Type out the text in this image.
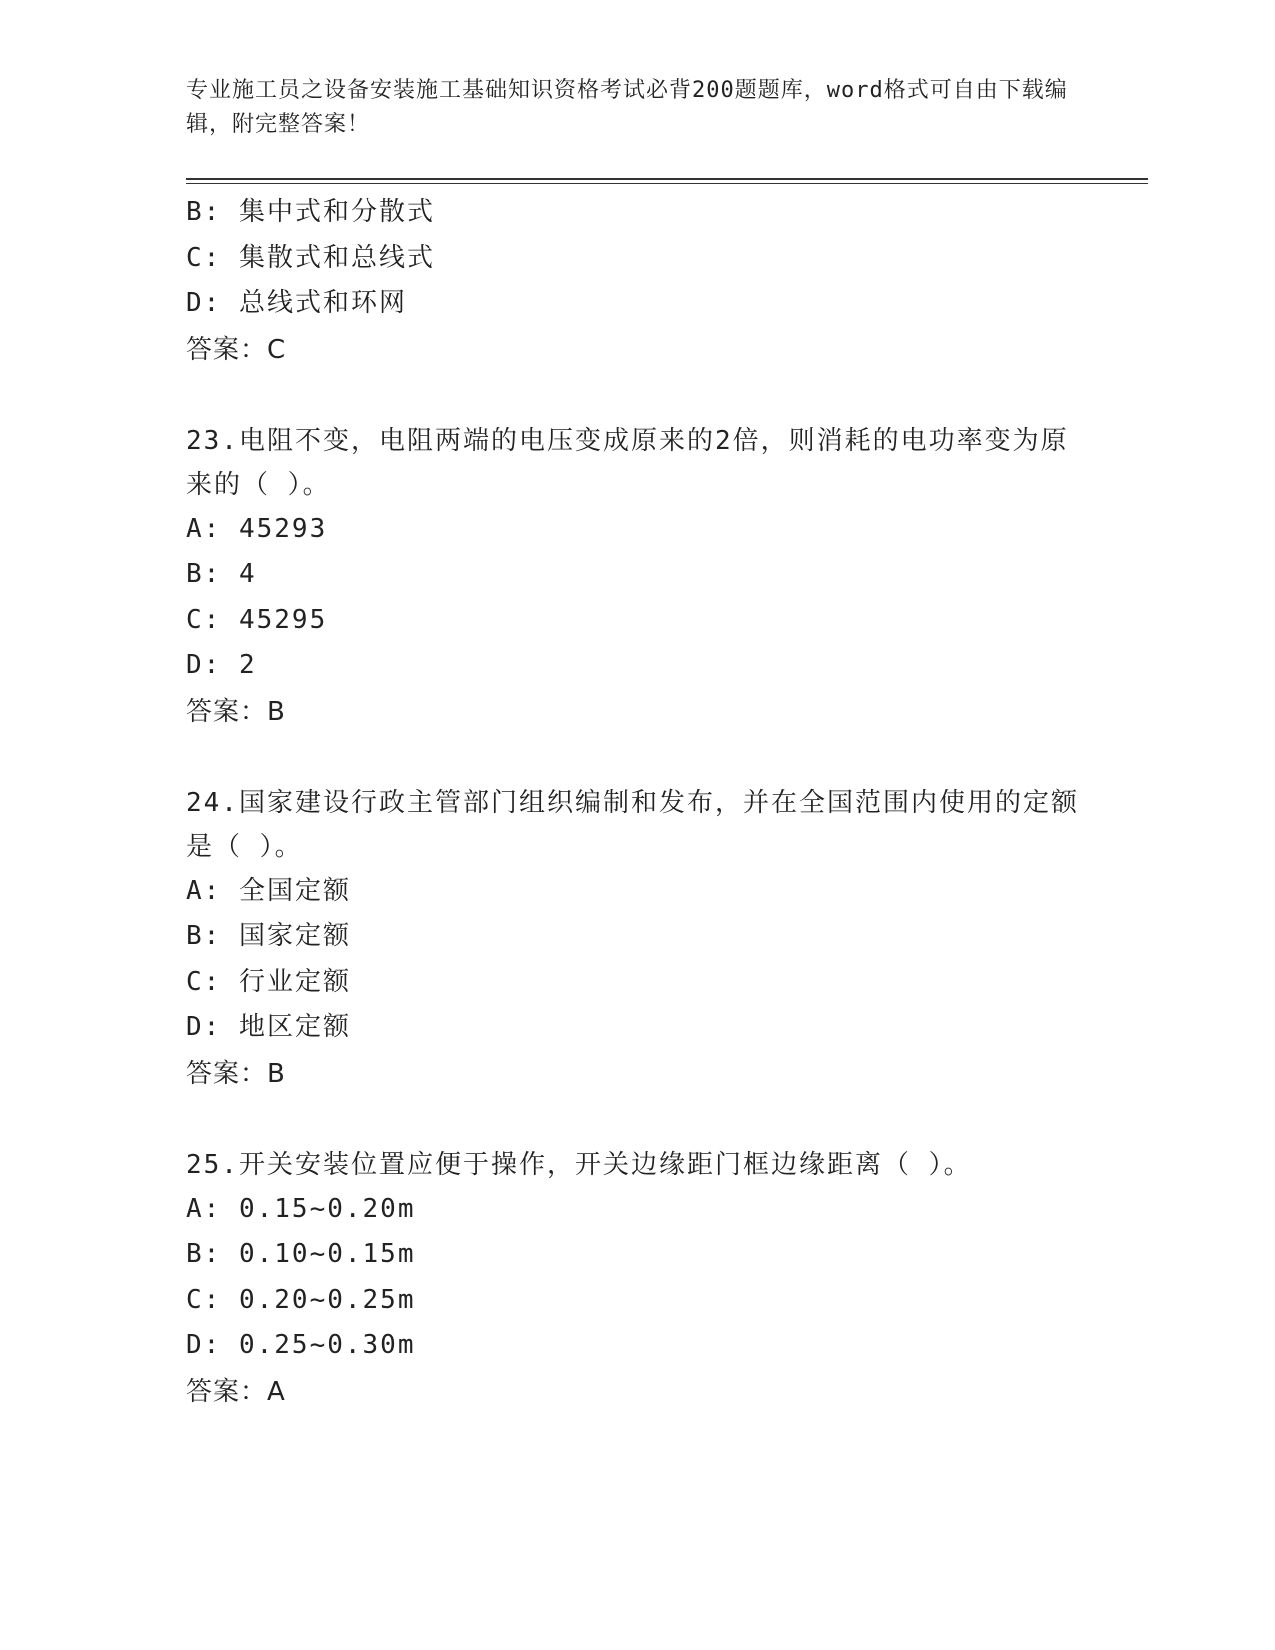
专业施工员之设备安装施工基础知识资格考试必背200题题库，word格式可自由下载编辑，附完整答案！
B: 集中式和分散式
C: 集散式和总线式
D: 总线式和环网
答案：C
23.电阻不变，电阻两端的电压变成原来的2倍，则消耗的电功率变为原来的（ ）。
A: 45293
B: 4
C: 45295
D: 2
答案：B
24.国家建设行政主管部门组织编制和发布，并在全国范围内使用的定额是（ ）。
A: 全国定额
B: 国家定额
C: 行业定额
D: 地区定额
答案：B
25.开关安装位置应便于操作，开关边缘距门框边缘距离（ ）。
A: 0.15~0.20m
B: 0.10~0.15m
C: 0.20~0.25m
D: 0.25~0.30m
答案：A
